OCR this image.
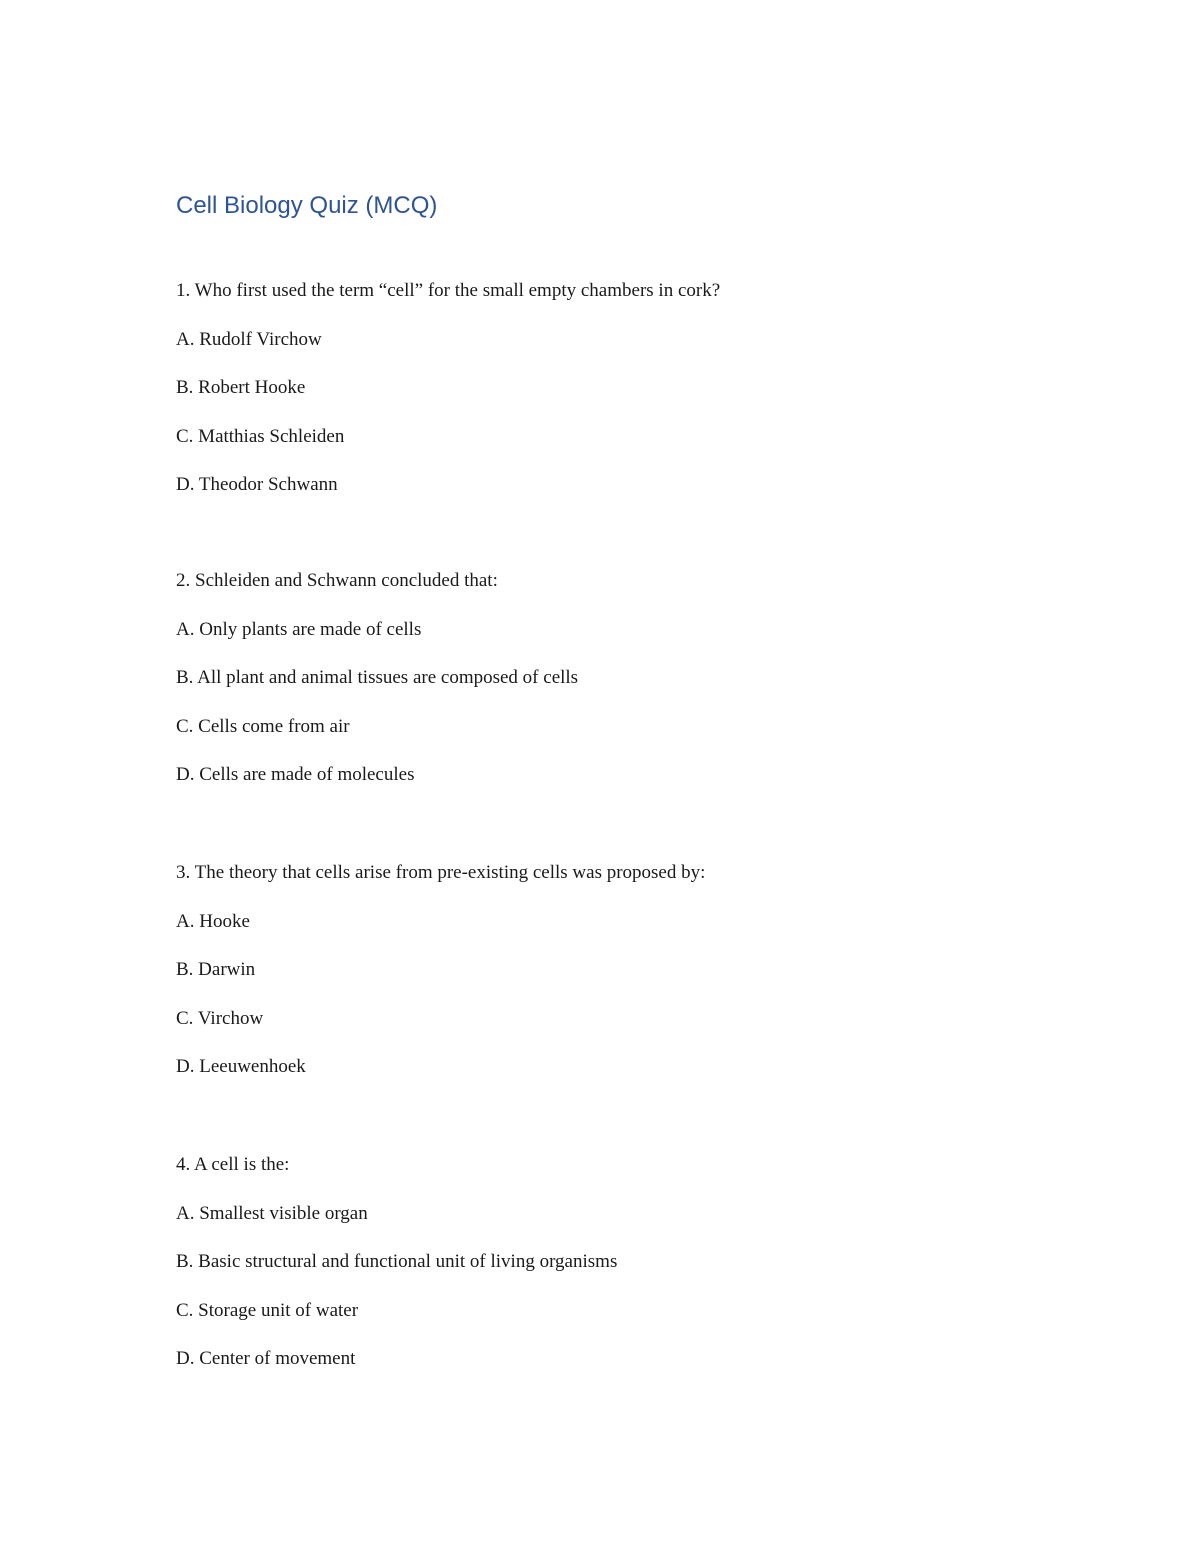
Cell Biology Quiz (MCQ)

1. Who first used the term “cell” for the small empty chambers in cork?

A. Rudolf Virchow

B. Robert Hooke

C. Matthias Schleiden

D. Theodor Schwann

2. Schleiden and Schwann concluded that:

A. Only plants are made of cells

B. All plant and animal tissues are composed of cells

C. Cells come from air

D. Cells are made of molecules

3. The theory that cells arise from pre-existing cells was proposed by:

A. Hooke

B. Darwin

C. Virchow

D. Leeuwenhoek

4. A cell is the:

A. Smallest visible organ

B. Basic structural and functional unit of living organisms

C. Storage unit of water

D. Center of movement
